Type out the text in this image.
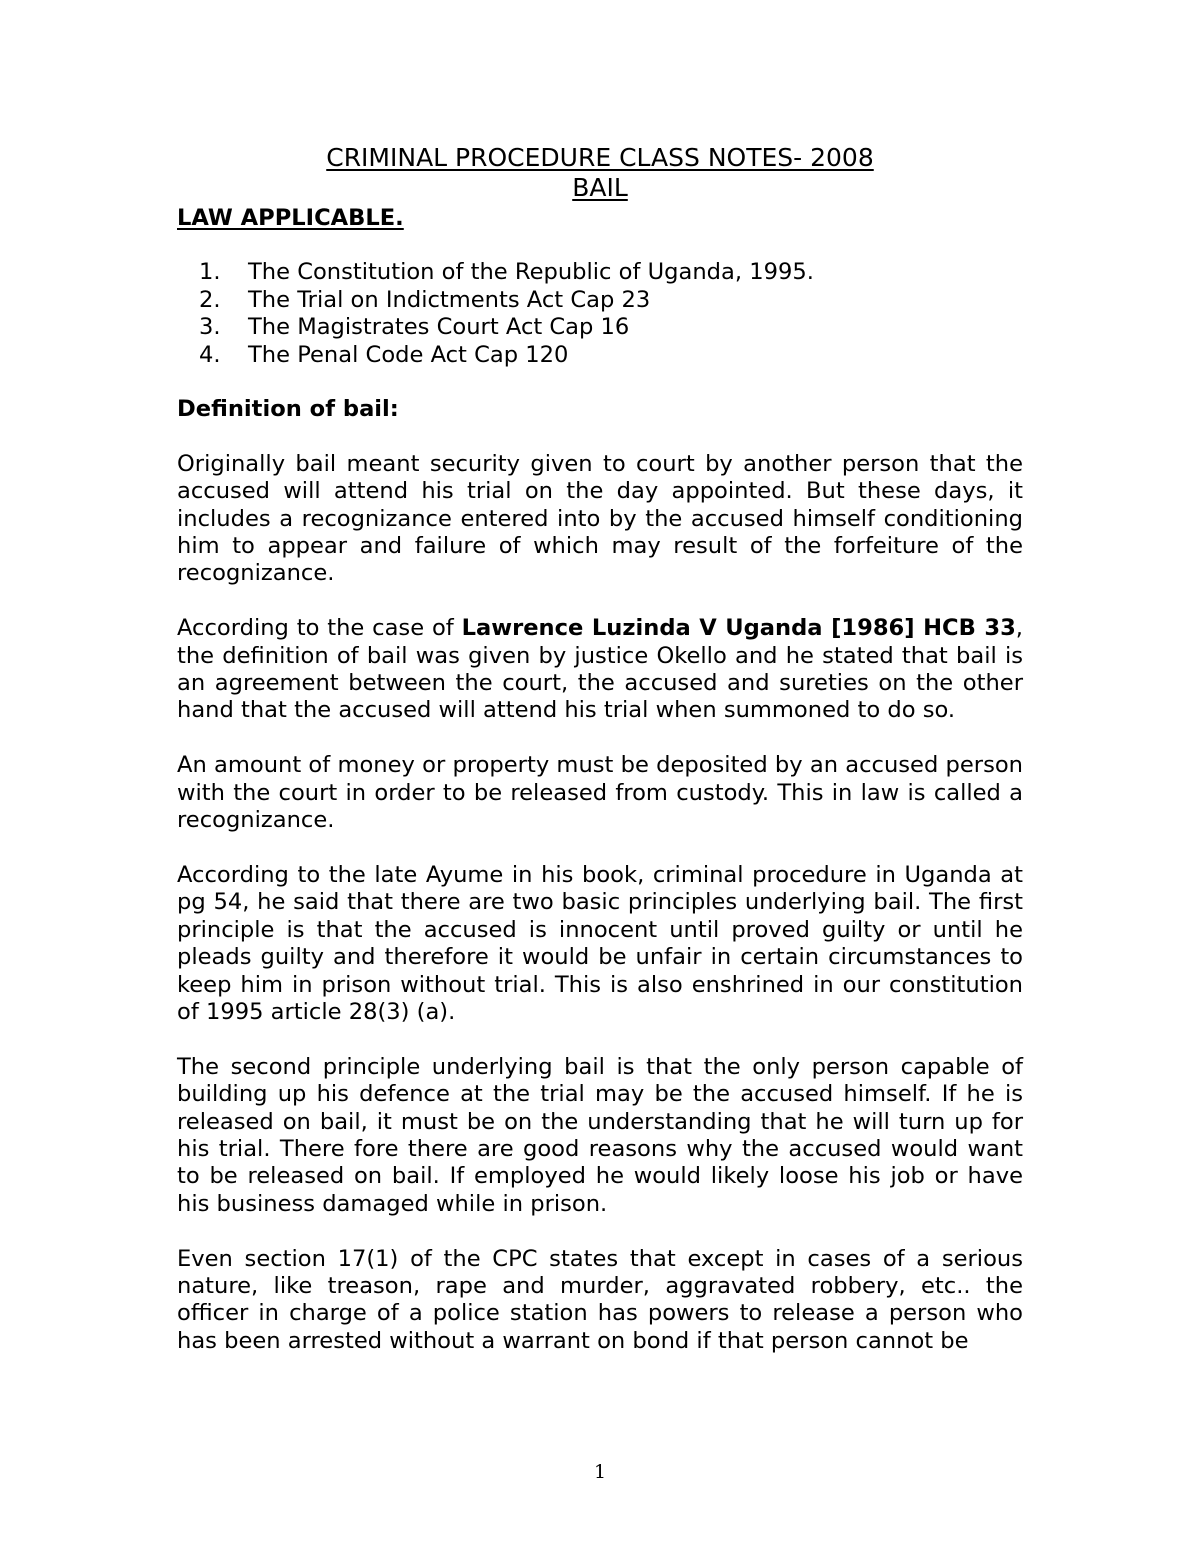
CRIMINAL PROCEDURE CLASS NOTES- 2008
BAIL
LAW APPLICABLE.
1.	The Constitution of the Republic of Uganda, 1995.
2.	The Trial on Indictments Act Cap 23
3.	The Magistrates Court Act Cap 16
4.	The Penal Code Act Cap 120
Definition of bail:

Originally bail meant security given to court by another person that the accused will attend his trial on the day appointed. But these days, it includes a recognizance entered into by the accused himself conditioning him to appear and failure of which may result of the forfeiture of the recognizance.

According to the case of Lawrence Luzinda V Uganda [1986] HCB 33, the definition of bail was given by justice Okello and he stated that bail is an agreement between the court, the accused and sureties on the other hand that the accused will attend his trial when summoned to do so.

An amount of money or property must be deposited by an accused person with the court in order to be released from custody. This in law is called a recognizance.

According to the late Ayume in his book, criminal procedure in Uganda at pg 54, he said that there are two basic principles underlying bail. The first principle is that the accused is innocent until proved guilty or until he pleads guilty and therefore it would be unfair in certain circumstances to keep him in prison without trial. This is also enshrined in our constitution of 1995 article 28(3) (a).

The second principle underlying bail is that the only person capable of building up his defence at the trial may be the accused himself. If he is released on bail, it must be on the understanding that he will turn up for his trial. There fore there are good reasons why the accused would want to be released on bail. If employed he would likely loose his job or have his business damaged while in prison.

Even section 17(1) of the CPC states that except in cases of a serious nature, like treason, rape and murder, aggravated robbery, etc.. the officer in charge of a police station has powers to release a person who has been arrested without a warrant on bond if that person cannot be

1
